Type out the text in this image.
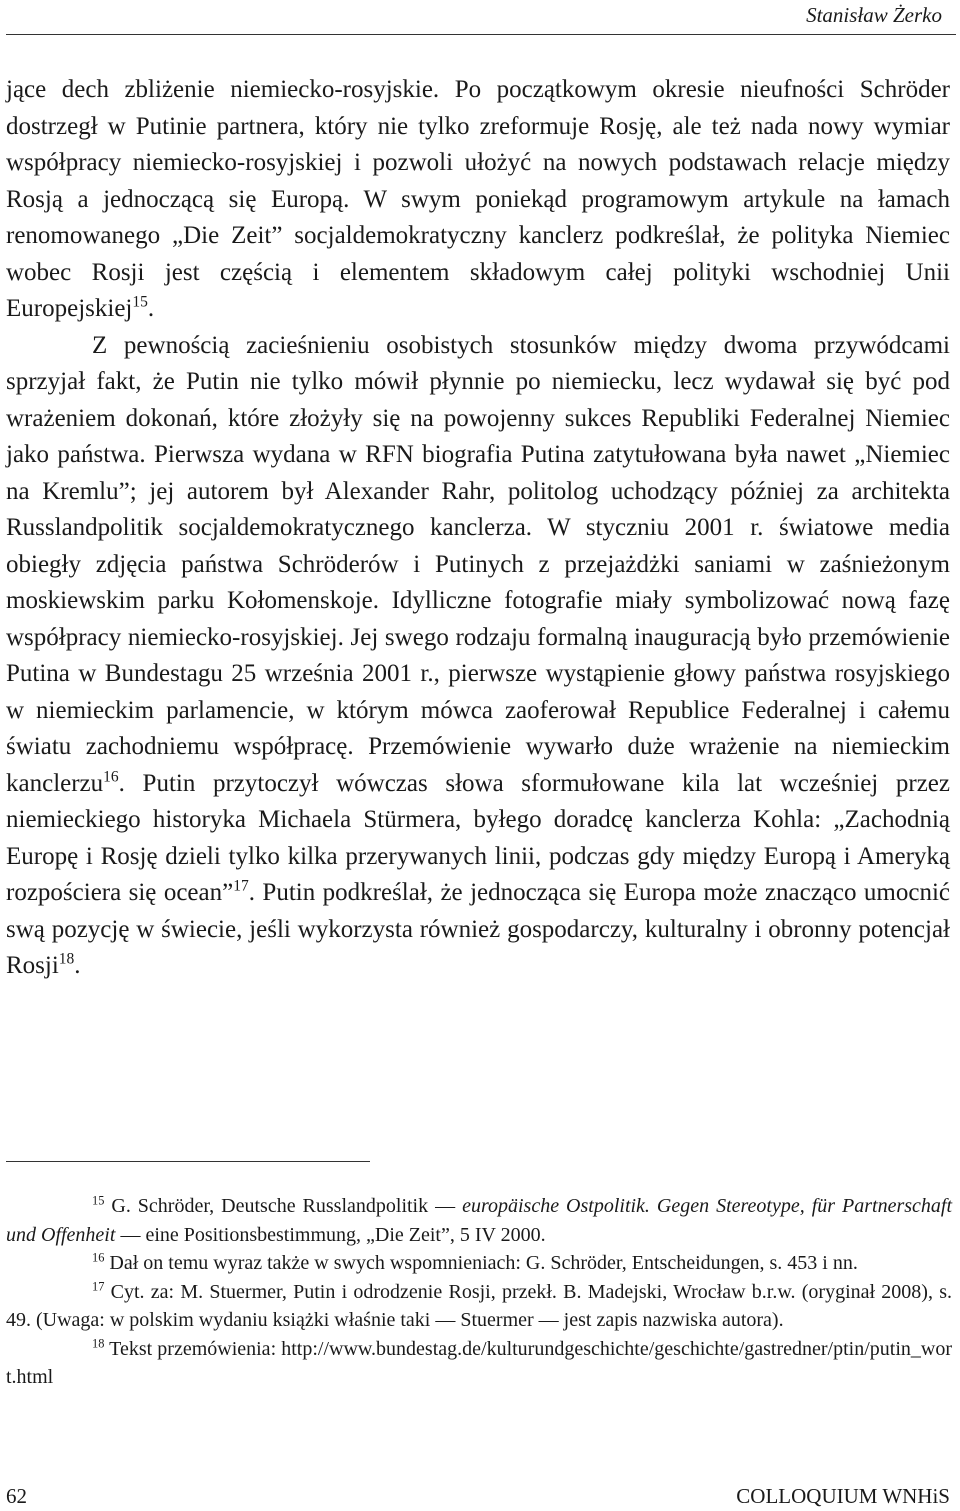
Stanisław Żerko

jące dech zbliżenie niemiecko-rosyjskie. Po początkowym okresie nieufności Schröder dostrzegł w Putinie partnera, który nie tylko zreformuje Rosję, ale też nada nowy wymiar współpracy niemiecko-rosyjskiej i pozwoli ułożyć na nowych podstawach relacje między Rosją a jednoczącą się Europą. W swym poniekąd programowym artykule na łamach renomowanego „Die Zeit” socjaldemokratyczny kanclerz podkreślał, że polityka Niemiec wobec Rosji jest częścią i elementem składowym całej polityki wschodniej Unii Europejskiej$^{15}$.

Z pewnością zacieśnieniu osobistych stosunków między dwoma przywódcami sprzyjał fakt, że Putin nie tylko mówił płynnie po niemiecku, lecz wydawał się być pod wrażeniem dokonań, które złożyły się na powojenny sukces Republiki Federalnej Niemiec jako państwa. Pierwsza wydana w RFN biografia Putina zatytułowana była nawet „Niemiec na Kremlu”; jej autorem był Alexander Rahr, politolog uchodzący później za architekta Russlandpolitik socjaldemokratycznego kanclerza. W styczniu 2001 r. światowe media obiegły zdjęcia państwa Schröderów i Putinych z przejażdżki saniami w zaśnieżonym moskiewskim parku Kołomenskoje. Idylliczne fotografie miały symbolizować nową fazę współpracy niemiecko-rosyjskiej. Jej swego rodzaju formalną inauguracją było przemówienie Putina w Bundestagu 25 września 2001 r., pierwsze wystąpienie głowy państwa rosyjskiego w niemieckim parlamencie, w którym mówca zaoferował Republice Federalnej i całemu światu zachodniemu współpracę. Przemówienie wywarło duże wrażenie na niemieckim kanclerzu$^{16}$. Putin przytoczył wówczas słowa sformułowane kila lat wcześniej przez niemieckiego historyka Michaela Stürmera, byłego doradcę kanclerza Kohla: „Zachodnią Europę i Rosję dzieli tylko kilka przerywanych linii, podczas gdy między Europą i Ameryką rozpościera się ocean”$^{17}$. Putin podkreślał, że jednocząca się Europa może znacząco umocnić swą pozycję w świecie, jeśli wykorzysta również gospodarczy, kulturalny i obronny potencjał Rosji$^{18}$.

$^{15}$ G. Schröder, Deutsche Russlandpolitik — europäische Ostpolitik. Gegen Stereotype, für Partnerschaft und Offenheit — eine Positionsbestimmung, „Die Zeit”, 5 IV 2000.

$^{16}$ Dał on temu wyraz także w swych wspomnieniach: G. Schröder, Entscheidungen, s. 453 i nn.

$^{17}$ Cyt. za: M. Stuermer, Putin i odrodzenie Rosji, przekł. B. Madejski, Wrocław b.r.w. (oryginał 2008), s. 49. (Uwaga: w polskim wydaniu książki właśnie taki — Stuermer — jest zapis nazwiska autora).

$^{18}$ Tekst przemówienia: http://www.bundestag.de/kulturundgeschichte/geschichte/gastredner/ptin/putin_wort.html

62	COLLOQUIUM WNHiS
